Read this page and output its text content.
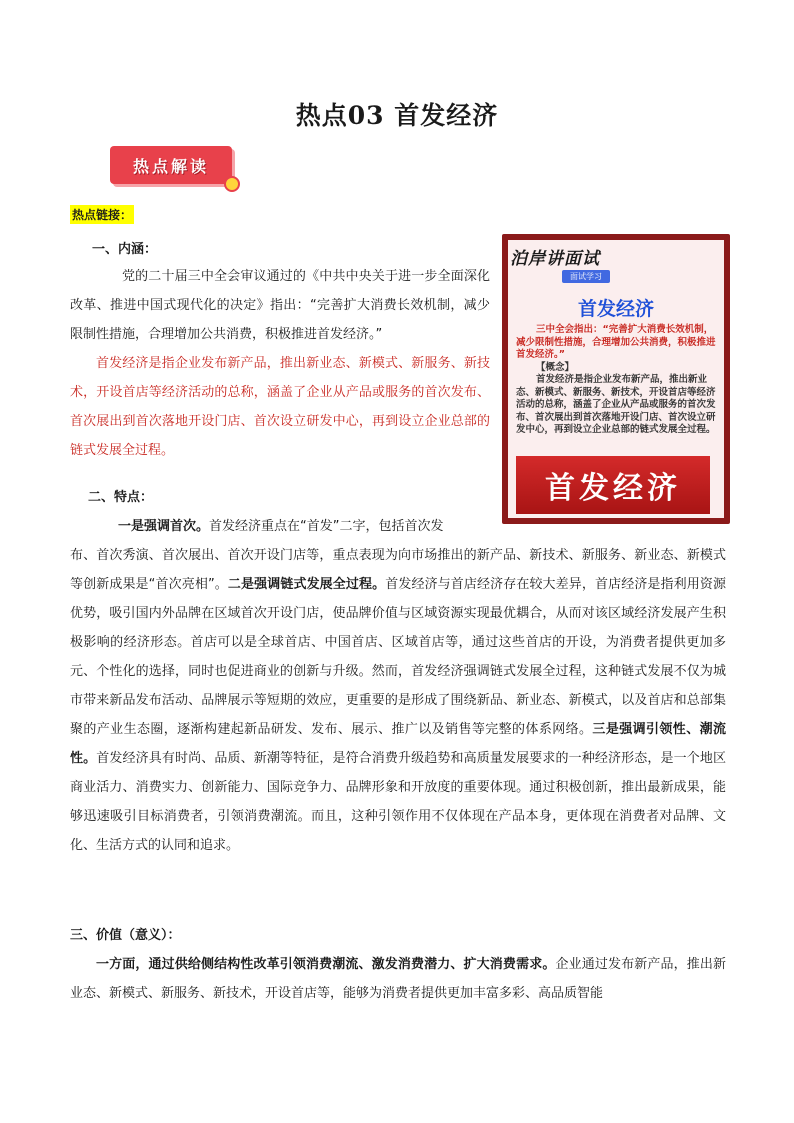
热点03 首发经济
热点解读
热点链接：
一、内涵：

党的二十届三中全会审议通过的《中共中央关于进一步全面深化改革、推进中国式现代化的决定》指出：“完善扩大消费长效机制，减少限制性措施，合理增加公共消费，积极推进首发经济。”

首发经济是指企业发布新产品，推出新业态、新模式、新服务、新技术，开设首店等经济活动的总称，涵盖了企业从产品或服务的首次发布、首次展出到首次落地开设门店、首次设立研发中心，再到设立企业总部的链式发展全过程。

泊岸讲面试
面试学习
首发经济

三中全会指出：“完善扩大消费长效机制，减少限制性措施，合理增加公共消费，积极推进首发经济。”

【概念】

首发经济是指企业发布新产品，推出新业态、新模式、新服务、新技术，开设首店等经济活动的总称，涵盖了企业从产品或服务的首次发布、首次展出到首次落地开设门店、首次设立研发中心，再到设立企业总部的链式发展全过程。

首发经济
二、特点：

一是强调首次。首发经济重点在“首发”二字，包括首次发

布、首次秀演、首次展出、首次开设门店等，重点表现为向市场推出的新产品、新技术、新服务、新业态、新模式等创新成果是“首次亮相”。二是强调链式发展全过程。首发经济与首店经济存在较大差异，首店经济是指利用资源优势，吸引国内外品牌在区域首次开设门店，使品牌价值与区域资源实现最优耦合，从而对该区域经济发展产生积极影响的经济形态。首店可以是全球首店、中国首店、区域首店等，通过这些首店的开设，为消费者提供更加多元、个性化的选择，同时也促进商业的创新与升级。然而，首发经济强调链式发展全过程，这种链式发展不仅为城市带来新品发布活动、品牌展示等短期的效应，更重要的是形成了围绕新品、新业态、新模式，以及首店和总部集聚的产业生态圈，逐渐构建起新品研发、发布、展示、推广以及销售等完整的体系网络。三是强调引领性、潮流性。首发经济具有时尚、品质、新潮等特征，是符合消费升级趋势和高质量发展要求的一种经济形态，是一个地区商业活力、消费实力、创新能力、国际竞争力、品牌形象和开放度的重要体现。通过积极创新，推出最新成果，能够迅速吸引目标消费者，引领消费潮流。而且，这种引领作用不仅体现在产品本身，更体现在消费者对品牌、文化、生活方式的认同和追求。

三、价值（意义）：

一方面，通过供给侧结构性改革引领消费潮流、激发消费潜力、扩大消费需求。企业通过发布新产品，推出新业态、新模式、新服务、新技术，开设首店等，能够为消费者提供更加丰富多彩、高品质智能
